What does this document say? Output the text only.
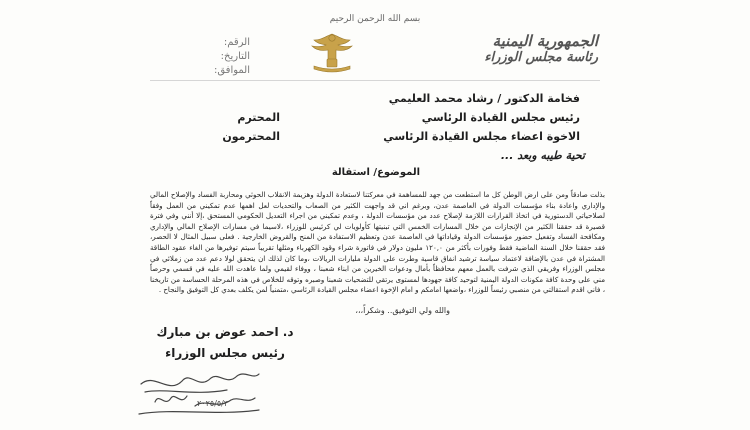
بسم الله الرحمن الرحيم
الرقم:
التاريخ:
الموافق:
الجمهورية اليمنية
رئاسة مجلس الوزراء
فخامة الدكتور / رشاد محمد العليمي
رئيس مجلس القيادة الرئاسي
المحترم
الاخوة اعضاء مجلس القيادة الرئاسي
المحترمون
تحية طيبه وبعد ...
الموضوع/ استقالة

بذلت صادقاً ومن على ارض الوطن كل ما استطعت من جهد للمساهمة في معركتنا لاستعادة الدولة وهزيمة الانقلاب الحوثي ومحاربة الفساد والإصلاح المالي والإداري واعادة بناء مؤسسات الدولة في العاصمة عدن، وبرغم اني قد واجهت الكثير من الصعاب والتحديات لعل اهمها عدم تمكيني من العمل وفقاً لصلاحياتي الدستورية في اتخاذ القرارات اللازمة لإصلاح عدد من مؤسسات الدولة ، وعدم تمكيني من اجراء التعديل الحكومي المستحق ،إلا أنني وفي فترة قصيرة قد حققنا الكثير من الإنجازات من خلال المسارات الخمس التي تبنيتها كأولويات لي كرئيس للوزراء ،لاسيما في مسارات الإصلاح المالي والإداري ومكافحة الفساد وتفعيل حضور مؤسسات الدولة وقياداتها في العاصمة عدن وتعظيم الاستفادة من المنح والقروض الخارجية . فعلى سبيل المثال لا الحصر، فقد حققنا خلال السنة الماضية فقط وفورات بأكثر من ١٢٠,٠ مليون دولار في فاتورة شراء وقود الكهرباء ومثلها تقريباً سيتم توفيرها من الغاء عقود الطاقة المشتراة في عدن بالإضافة لاعتماد سياسة ترشيد انفاق قاسية وطرت على الدولة مليارات الريالات ،وما كان لذلك ان يتحقق لولا دعم عدد من زملائي في مجلس الوزراء وفريقي الذي شرفت بالعمل معهم محافظاً بأمال ودعوات الخيرين من ابناء شعبنا ، ووفاء لقيمي ولما عاهدت الله عليه في قسمي وحرصاً مني على وحدة كافة مكونات الدولة اليمنية لتوحيد كافة جهودها لمستوى يرتقي للتضحيات شعبنا وصبره وتوقه للخلاص في هذه المرحلة الحساسة من تاريخنا ، فاني اقدم استقالتي من منصبي رئيساً للوزراء ،واضعها امامكم و امام الإخوة اعضاء مجلس القيادة الرئاسي ،متمنياً لمن يكلف بعدي كل التوفيق والنجاح .

والله ولي التوفيق.. وشكراً،،،
د. احمد عوض بن مبارك
رئيس مجلس الوزراء
٢٠٢٥/٥/٣
